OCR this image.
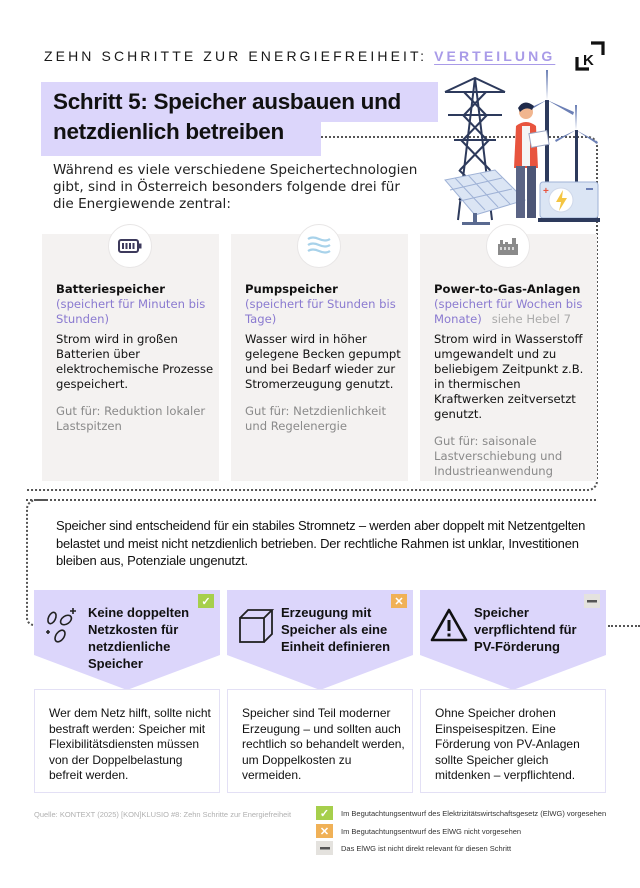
ZEHN SCHRITTE ZUR ENERGIEFREIHEIT: VERTEILUNG K
Schritt 5: Speicher ausbauen und
netzdienlich betreiben
+
Während es viele verschiedene Speichertechnologien gibt, sind in Österreich besonders folgende drei für die Energiewende zentral:
Batteriespeicher
(speichert für Minuten bis Stunden)
Strom wird in großen Batterien über elektrochemische Prozesse gespeichert.
Gut für: Reduktion lokaler Lastspitzen
Pumpspeicher
(speichert für Stunden bis Tage)
Wasser wird in höher gelegene Becken gepumpt und bei Bedarf wieder zur Stromerzeugung genutzt.
Gut für: Netzdienlichkeit und Regelenergie
Power-to-Gas-Anlagen
(speichert für Wochen bis Monate) siehe Hebel 7
Strom wird in Wasserstoff umgewandelt und zu beliebigem Zeitpunkt z.B. in thermischen Kraftwerken zeitversetzt genutzt.
Gut für: saisonale Lastverschiebung und Industrieanwendung
Speicher sind entscheidend für ein stabiles Stromnetz – werden aber doppelt mit Netzentgelten belastet und meist nicht netzdienlich betrieben. Der rechtliche Rahmen ist unklar, Investitionen bleiben aus, Potenziale ungenutzt.
Keine doppelten Netzkosten für netzdienliche Speicher
✓
Erzeugung mit Speicher als eine Einheit definieren
✕
Speicher verpflichtend für PV-Förderung
Wer dem Netz hilft, sollte nicht bestraft werden: Speicher mit Flexibilitätsdiensten müssen von der Doppelbelastung befreit werden.
Speicher sind Teil moderner Erzeugung – und sollten auch rechtlich so behandelt werden, um Doppelkosten zu vermeiden.
Ohne Speicher drohen Einspeisespitzen. Eine Förderung von PV-Anlagen sollte Speicher gleich mitdenken – verpflichtend.
Quelle: KONTEXT (2025) [KON]KLUSIO #8: Zehn Schritte zur Energiefreiheit	✓	Im Begutachtungsentwurf des Elektrizitätswirtschaftsgesetz (ElWG) vorgesehen
✕	Im Begutachtungsentwurf des ElWG nicht vorgesehen
Das ElWG ist nicht direkt relevant für diesen Schritt
